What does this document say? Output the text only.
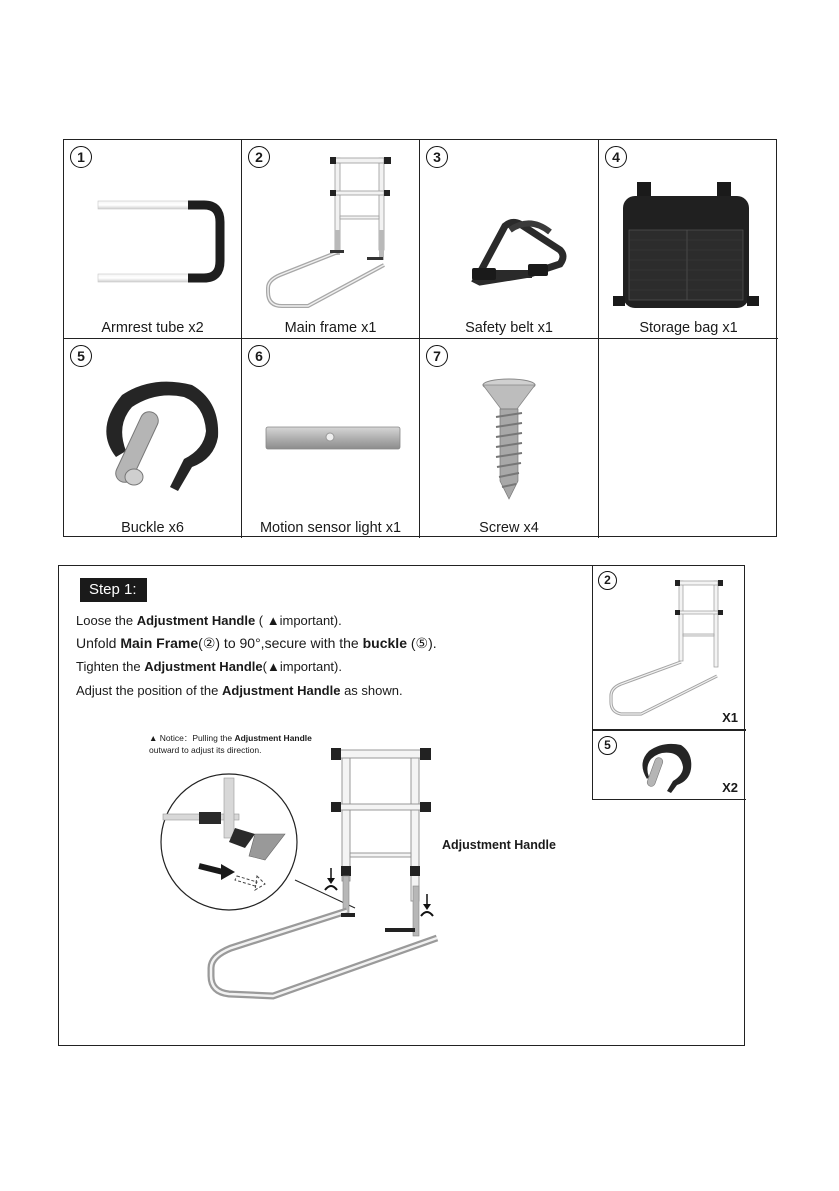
1
Armrest tube x2
2
Main frame x1
3
Safety belt x1
4
Storage bag x1
5
Buckle x6
6
Motion sensor light x1
7
Screw x4
Step 1:
Loose the Adjustment Handle ( ▲important).
Unfold Main Frame(②) to 90°,secure with the buckle (⑤).
Tighten the Adjustment Handle(▲important).
Adjust the position of the Adjustment Handle as shown.
▲ Notice：Pulling the Adjustment Handle outward to adjust its direction.
Adjustment Handle
2
X1
5
X2
